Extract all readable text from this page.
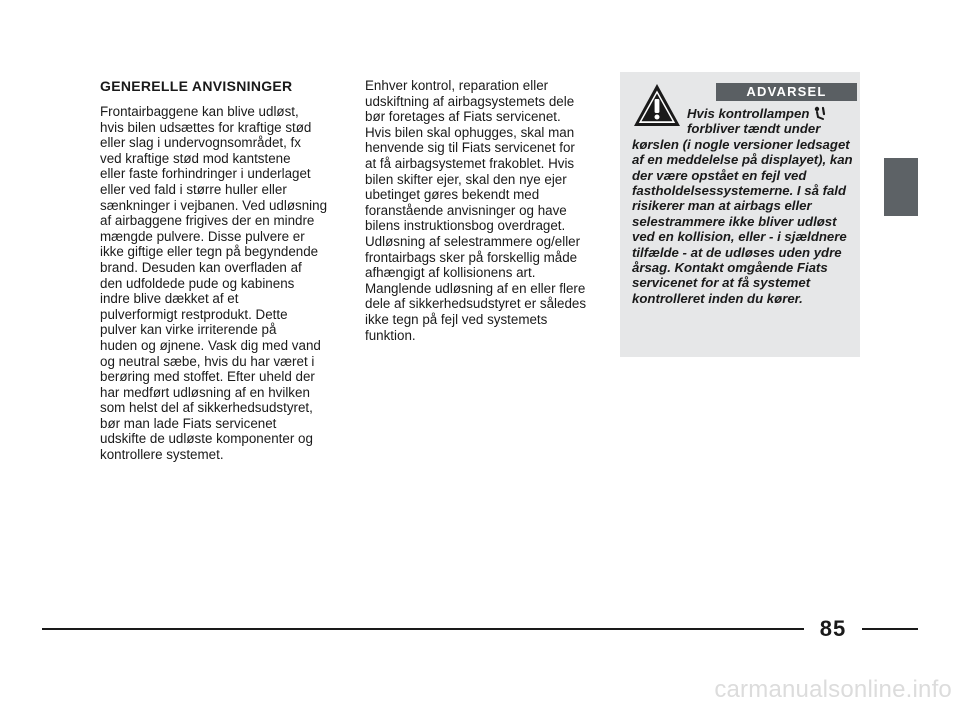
GENERELLE ANVISNINGER

Frontairbaggene kan blive udløst,
hvis bilen udsættes for kraftige stød
eller slag i undervognsområdet, fx
ved kraftige stød mod kantstene
eller faste forhindringer i underlaget
eller ved fald i større huller eller
sænkninger i vejbanen. Ved udløsning
af airbaggene frigives der en mindre
mængde pulvere. Disse pulvere er
ikke giftige eller tegn på begyndende
brand. Desuden kan overfladen af
den udfoldede pude og kabinens
indre blive dækket af et
pulverformigt restprodukt. Dette
pulver kan virke irriterende på
huden og øjnene. Vask dig med vand
og neutral sæbe, hvis du har været i
berøring med stoffet. Efter uheld der
har medført udløsning af en hvilken
som helst del af sikkerhedsudstyret,
bør man lade Fiats servicenet
udskifte de udløste komponenter og
kontrollere systemet.

Enhver kontrol, reparation eller
udskiftning af airbagsystemets dele
bør foretages af Fiats servicenet.
Hvis bilen skal ophugges, skal man
henvende sig til Fiats servicenet for
at få airbagsystemet frakoblet. Hvis
bilen skifter ejer, skal den nye ejer
ubetinget gøres bekendt med
foranstående anvisninger og have
bilens instruktionsbog overdraget.
Udløsning af selestrammere og/eller
frontairbags sker på forskellig måde
afhængigt af kollisionens art.
Manglende udløsning af en eller flere
dele af sikkerhedsudstyret er således
ikke tegn på fejl ved systemets
funktion.

ADVARSEL

Hvis kontrollampen forbliver tændt under kørslen (i nogle versioner ledsaget af en meddelelse på displayet), kan der være opstået en fejl ved fastholdelsessystemerne. I så fald risikerer man at airbags eller selestrammere ikke bliver udløst ved en kollision, eller - i sjældnere tilfælde - at de udløses uden ydre årsag. Kontakt omgående Fiats servicenet for at få systemet kontrolleret inden du kører.

85
carmanualsonline.info
